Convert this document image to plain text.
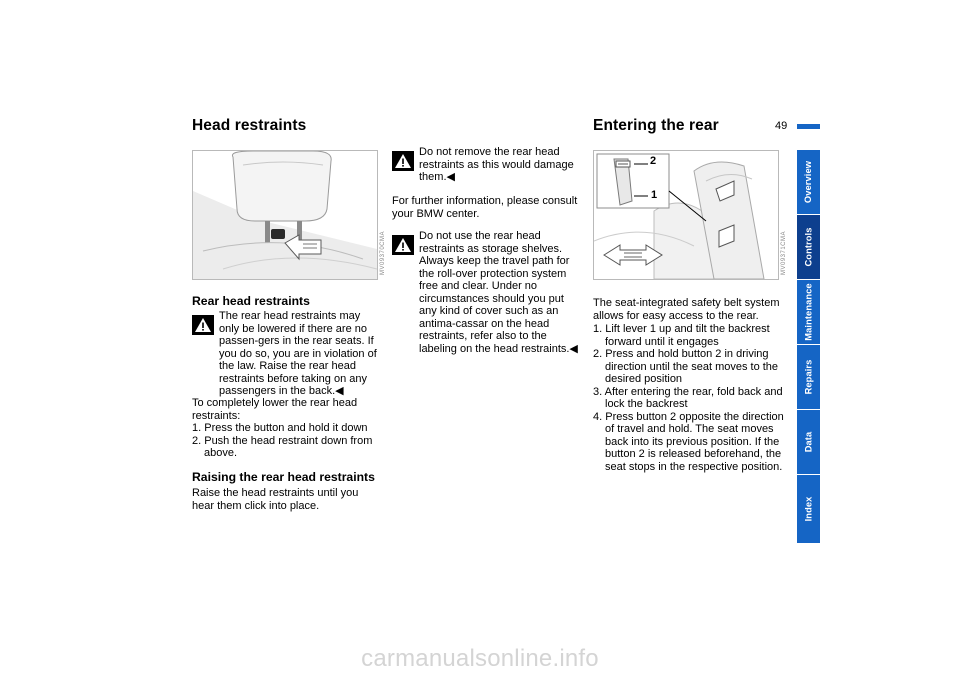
Head restraints
MV09370CMA
Rear head restraints

The rear head restraints may only be lowered if there are no passen-gers in the rear seats. If you do so, you are in violation of the law. Raise the rear head restraints before taking on any passengers in the back.◀

To completely lower the rear head restraints:
1. Press the button and hold it down
2. Push the head restraint down from above.
Raising the rear head restraints
Raise the head restraints until you hear them click into place.

Do not remove the rear head restraints as this would damage them.◀

For further information, please consult your BMW center.

Do not use the rear head restraints as storage shelves. Always keep the travel path for the roll-over protection system free and clear. Under no circumstances should you put any kind of cover such as an antima-cassar on the head restraints, refer also to the labeling on the head restraints.◀

Entering the rear	49
2
1
MV09371CMA
The seat-integrated safety belt system allows for easy access to the rear.
1. Lift lever 1 up and tilt the backrest forward until it engages
2. Press and hold button 2 in driving direction until the seat moves to the desired position
3. After entering the rear, fold back and lock the backrest
4. Press button 2 opposite the direction of travel and hold. The seat moves back into its previous position. If the button 2 is released beforehand, the seat stops in the respective position.
Overview
Controls
Maintenance
Repairs
Data
Index
carmanualsonline.info
